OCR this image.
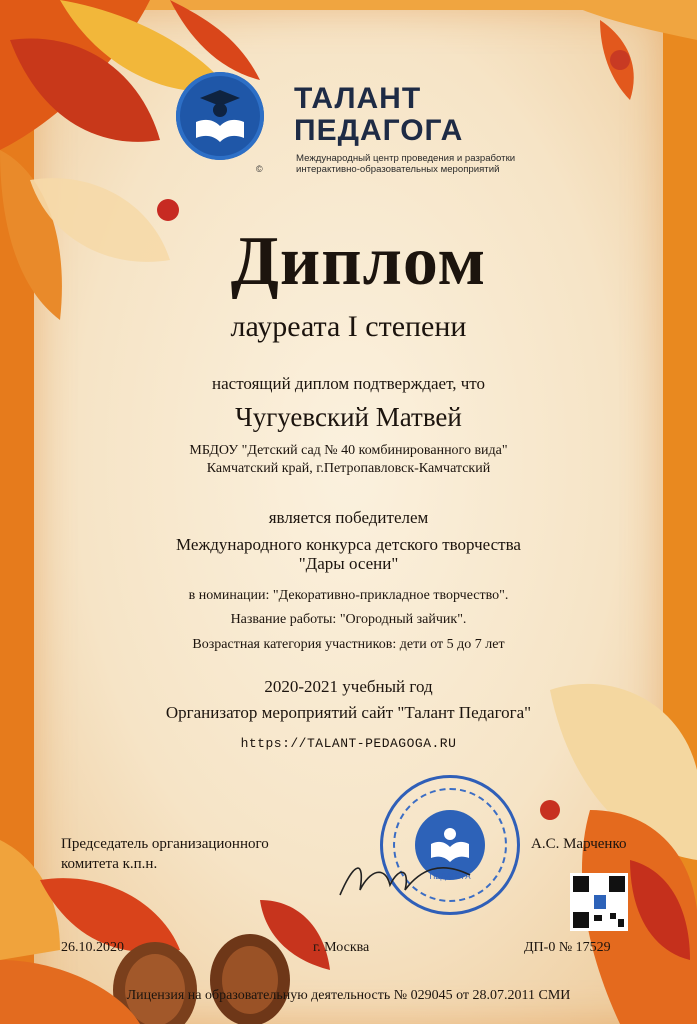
ТАЛАНТ
ПЕДАГОГА
Международный центр проведения и разработки
интерактивно-образовательных мероприятий
©
Диплом
лауреата I степени
настоящий диплом подтверждает, что
Чугуевский Матвей
МБДОУ "Детский сад № 40 комбинированного вида"
Камчатский край, г.Петропавловск-Камчатский
является победителем
Международного конкурса детского творчества
"Дары осени"
в номинации: "Декоративно-прикладное творчество".
Название работы: "Огородный зайчик".
Возрастная категория участников: дети от 5 до 7 лет
2020-2021 учебный год
Организатор мероприятий сайт "Талант Педагога"
https://TALANT-PEDAGOGA.RU
ПЕДАГОГА
Председатель организационного
комитета к.п.н.
А.С. Марченко
26.10.2020	г. Москва	ДП-0 № 17529
Лицензия на образовательную деятельность № 029045 от 28.07.2011 СМИ
